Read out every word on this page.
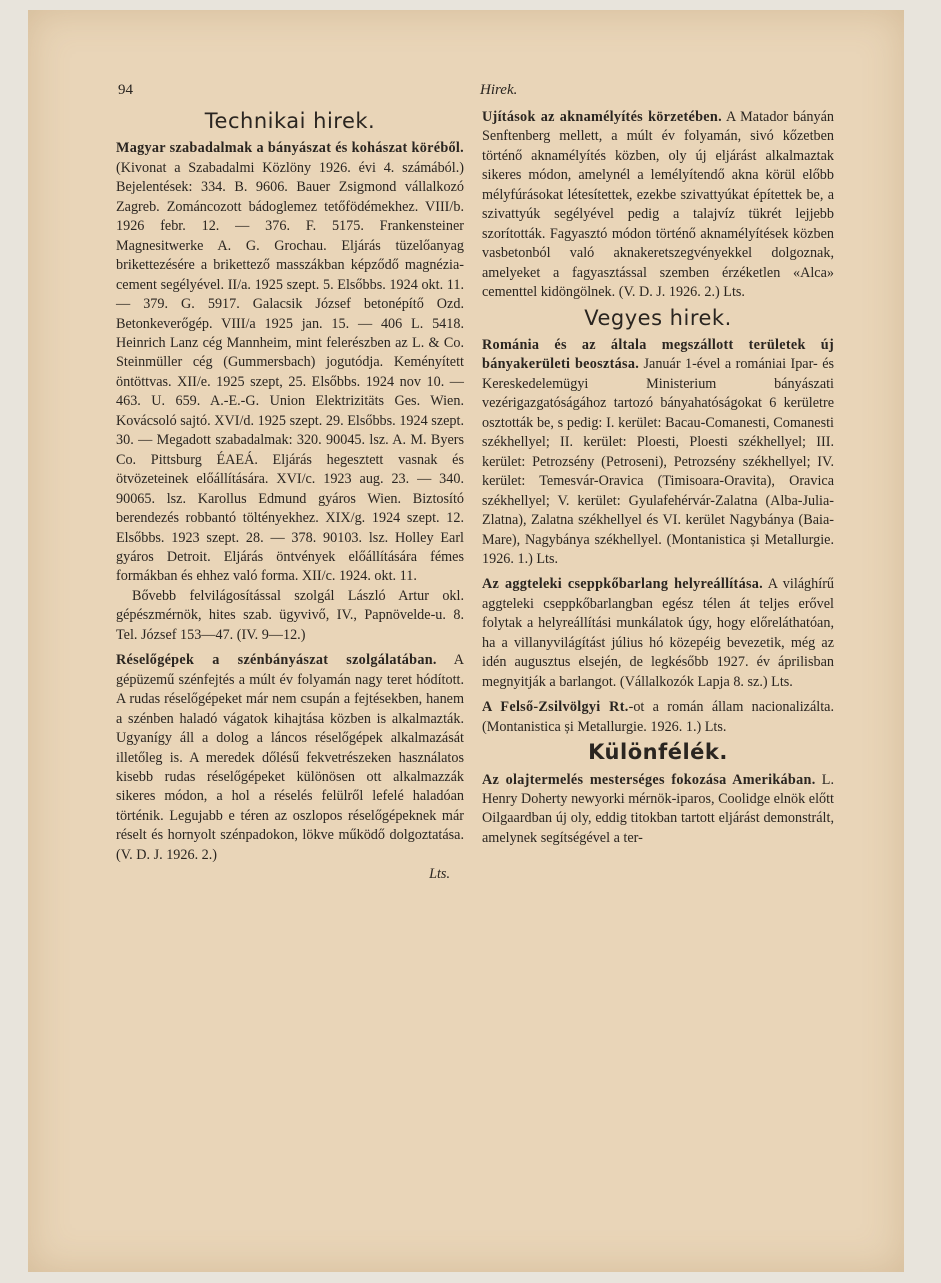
94	Hirek.
Technikai hirek.

Magyar szabadalmak a bányászat és kohászat köréből. (Kivonat a Szabadalmi Közlöny 1926. évi 4. számából.) Bejelentések: 334. B. 9606. Bauer Zsigmond vállalkozó Zagreb. Zománcozott bádoglemez tetőfödémekhez. VIII/b. 1926 febr. 12. — 376. F. 5175. Frankensteiner Magnesitwerke A. G. Grochau. Eljárás tüzelőanyag brikettezésére a brikettező masszákban képződő magnézia-cement segélyével. II/a. 1925 szept. 5. Elsőbbs. 1924 okt. 11. — 379. G. 5917. Galacsik József betonépítő Ozd. Betonkeverőgép. VIII/a 1925 jan. 15. — 406 L. 5418. Heinrich Lanz cég Mannheim, mint felerészben az L. & Co. Steinmüller cég (Gummersbach) jogutódja. Keményített öntöttvas. XII/e. 1925 szept, 25. Elsőbbs. 1924 nov 10. — 463. U. 659. A.-E.-G. Union Elektrizitäts Ges. Wien. Kovácsoló sajtó. XVI/d. 1925 szept. 29. Elsőbbs. 1924 szept. 30. — Megadott szabadalmak: 320. 90045. lsz. A. M. Byers Co. Pittsburg ÉAEÁ. Eljárás hegesztett vasnak és ötvözeteinek előállítására. XVI/c. 1923 aug. 23. — 340. 90065. lsz. Karollus Edmund gyáros Wien. Biztosító berendezés robbantó töltényekhez. XIX/g. 1924 szept. 12. Elsőbbs. 1923 szept. 28. — 378. 90103. lsz. Holley Earl gyáros Detroit. Eljárás öntvények előállítására fémes formákban és ehhez való forma. XII/c. 1924. okt. 11.

Bővebb felvilágosítással szolgál László Artur okl. gépészmérnök, hites szab. ügyvivő, IV., Papnövelde-u. 8. Tel. József 153—47. (IV. 9—12.)

Réselőgépek a szénbányászat szolgálatában. A gépüzemű szénfejtés a múlt év folyamán nagy teret hódított. A rudas réselőgépeket már nem csupán a fejtésekben, hanem a szénben haladó vágatok kihajtása közben is alkalmazták. Ugyanígy áll a dolog a láncos réselőgépek alkalmazását illetőleg is. A meredek dőlésű fekvetrészeken használatos kisebb rudas réselőgépeket különösen ott alkalmazzák sikeres módon, a hol a réselés felülről lefelé haladóan történik. Legujabb e téren az oszlopos réselőgépeknek már réselt és hornyolt szénpadokon, lökve működő dolgoztatása. (V. D. J. 1926. 2.)

Lts.

Ujítások az aknamélyítés körzetében. A Matador bányán Senftenberg mellett, a múlt év folyamán, sivó kőzetben történő aknamélyítés közben, oly új eljárást alkalmaztak sikeres módon, amelynél a lemélyítendő akna körül előbb mélyfúrásokat létesítettek, ezekbe szivattyúkat építettek be, a szivattyúk segélyével pedig a talajvíz tükrét lejjebb szorították. Fagyasztó módon történő aknamélyítések közben vasbetonból való aknakeretszegvényekkel dolgoznak, amelyeket a fagyasztással szemben érzéketlen «Alca» cementtel kidöngölnek. (V. D. J. 1926. 2.) Lts.

Vegyes hirek.

Románia és az általa megszállott területek új bányakerületi beosztása. Január 1-ével a romániai Ipar- és Kereskedelemügyi Ministerium bányászati vezérigazgatóságához tartozó bányahatóságokat 6 kerületre osztották be, s pedig: I. kerület: Bacau-Comanesti, Comanesti székhellyel; II. kerület: Ploesti, Ploesti székhellyel; III. kerület: Petrozsény (Petroseni), Petrozsény székhellyel; IV. kerület: Temesvár-Oravica (Timisoara-Oravita), Oravica székhellyel; V. kerület: Gyulafehérvár-Zalatna (Alba-Julia-Zlatna), Zalatna székhellyel és VI. kerület Nagybánya (Baia-Mare), Nagybánya székhellyel. (Montanistica și Metallurgie. 1926. 1.) Lts.

Az aggteleki cseppkőbarlang helyreállítása. A világhírű aggteleki cseppkőbarlangban egész télen át teljes erővel folytak a helyreállítási munkálatok úgy, hogy előreláthatóan, ha a villanyvilágítást július hó közepéig bevezetik, még az idén augusztus elsején, de legkésőbb 1927. év áprilisban megnyitják a barlangot. (Vállalkozók Lapja 8. sz.) Lts.

A Felső-Zsilvölgyi Rt.-ot a román állam nacionalizálta. (Montanistica și Metallurgie. 1926. 1.) Lts.

Különfélék.

Az olajtermelés mesterséges fokozása Amerikában. L. Henry Doherty newyorki mérnök-iparos, Coolidge elnök előtt Oilgaardban új oly, eddig titokban tartott eljárást demonstrált, amelynek segítségével a ter-
